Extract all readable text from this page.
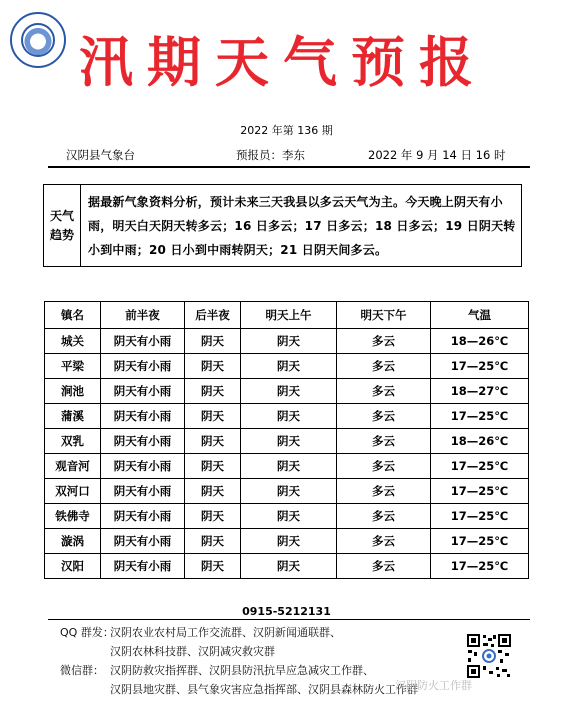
汛期天气预报
2022 年第 136 期
汉阴县气象台	预报员：李东	2022 年 9 月 14 日 16 时
天气
趋势
据最新气象资料分析，预计未来三天我县以多云天气为主。今天晚上阴天有小雨，明天白天阴天转多云；16 日多云；17 日多云；18 日多云；19 日阴天转小到中雨；20 日小到中雨转阴天；21 日阴天间多云。
镇名	前半夜	后半夜	明天上午	明天下午	气温
城关	阴天有小雨	阴天	阴天	多云	18—26℃
平梁	阴天有小雨	阴天	阴天	多云	17—25℃
涧池	阴天有小雨	阴天	阴天	多云	18—27℃
蒲溪	阴天有小雨	阴天	阴天	多云	17—25℃
双乳	阴天有小雨	阴天	阴天	多云	18—26℃
观音河	阴天有小雨	阴天	阴天	多云	17—25℃
双河口	阴天有小雨	阴天	阴天	多云	17—25℃
铁佛寺	阴天有小雨	阴天	阴天	多云	17—25℃
漩涡	阴天有小雨	阴天	阴天	多云	17—25℃
汉阳	阴天有小雨	阴天	阴天	多云	17—25℃
0915-5212131
QQ 群发：汉阴农业农村局工作交流群、汉阴新闻通联群、
汉阴农林科技群、汉阴减灾救灾群
微信群： 汉阴防救灾指挥群、汉阴县防汛抗旱应急减灾工作群、
汉阴县地灾群、县气象灾害应急指挥部、汉阴县森林防火工作群
汉阴防火工作群
